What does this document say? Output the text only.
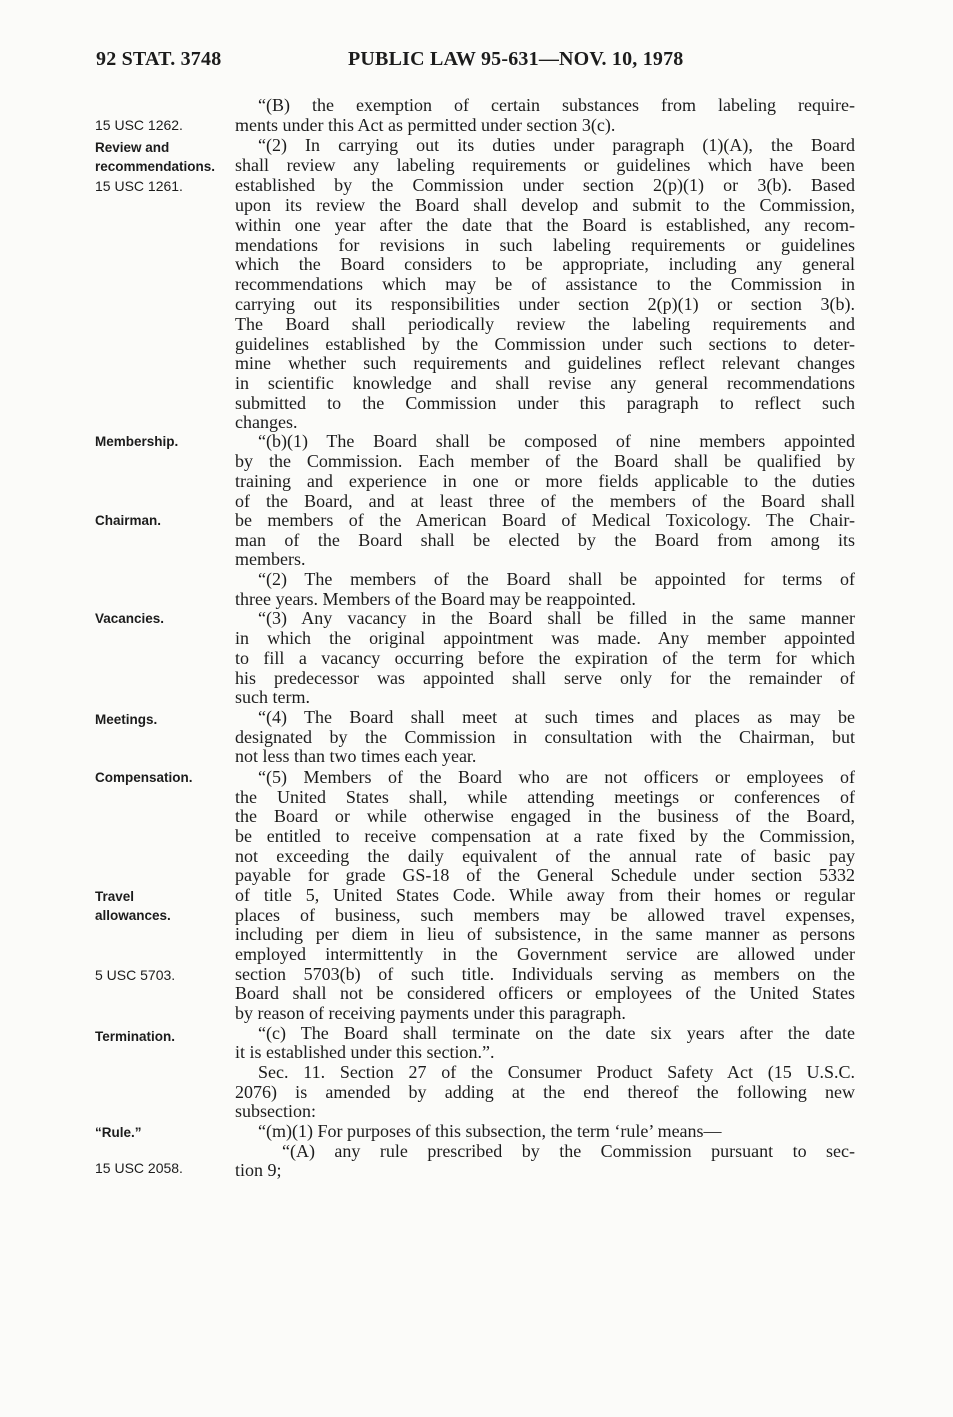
92 STAT. 3748	PUBLIC LAW 95-631—NOV. 10, 1978
15 USC 1262.
Review and
recommendations.
15 USC 1261.
Membership.
Chairman.
Vacancies.
Meetings.
Compensation.
Travel
allowances.
5 USC 5703.
Termination.
“Rule.”
15 USC 2058.
“(B) the exemption of certain substances from labeling require-
ments under this Act as permitted under section 3(c).
“(2) In carrying out its duties under paragraph (1)(A), the Board
shall review any labeling requirements or guidelines which have been
established by the Commission under section 2(p)(1) or 3(b). Based
upon its review the Board shall develop and submit to the Commission,
within one year after the date that the Board is established, any recom-
mendations for revisions in such labeling requirements or guidelines
which the Board considers to be appropriate, including any general
recommendations which may be of assistance to the Commission in
carrying out its responsibilities under section 2(p)(1) or section 3(b).
The Board shall periodically review the labeling requirements and
guidelines established by the Commission under such sections to deter-
mine whether such requirements and guidelines reflect relevant changes
in scientific knowledge and shall revise any general recommendations
submitted to the Commission under this paragraph to reflect such
changes.
“(b)(1) The Board shall be composed of nine members appointed
by the Commission. Each member of the Board shall be qualified by
training and experience in one or more fields applicable to the duties
of the Board, and at least three of the members of the Board shall
be members of the American Board of Medical Toxicology. The Chair-
man of the Board shall be elected by the Board from among its
members.
“(2) The members of the Board shall be appointed for terms of
three years. Members of the Board may be reappointed.
“(3) Any vacancy in the Board shall be filled in the same manner
in which the original appointment was made. Any member appointed
to fill a vacancy occurring before the expiration of the term for which
his predecessor was appointed shall serve only for the remainder of
such term.
“(4) The Board shall meet at such times and places as may be
designated by the Commission in consultation with the Chairman, but
not less than two times each year.
“(5) Members of the Board who are not officers or employees of
the United States shall, while attending meetings or conferences of
the Board or while otherwise engaged in the business of the Board,
be entitled to receive compensation at a rate fixed by the Commission,
not exceeding the daily equivalent of the annual rate of basic pay
payable for grade GS-18 of the General Schedule under section 5332
of title 5, United States Code. While away from their homes or regular
places of business, such members may be allowed travel expenses,
including per diem in lieu of subsistence, in the same manner as persons
employed intermittently in the Government service are allowed under
section 5703(b) of such title. Individuals serving as members on the
Board shall not be considered officers or employees of the United States
by reason of receiving payments under this paragraph.
“(c) The Board shall terminate on the date six years after the date
it is established under this section.”.
Sec. 11. Section 27 of the Consumer Product Safety Act (15 U.S.C.
2076) is amended by adding at the end thereof the following new
subsection:
“(m)(1) For purposes of this subsection, the term ‘rule’ means—
“(A) any rule prescribed by the Commission pursuant to sec-
tion 9;
